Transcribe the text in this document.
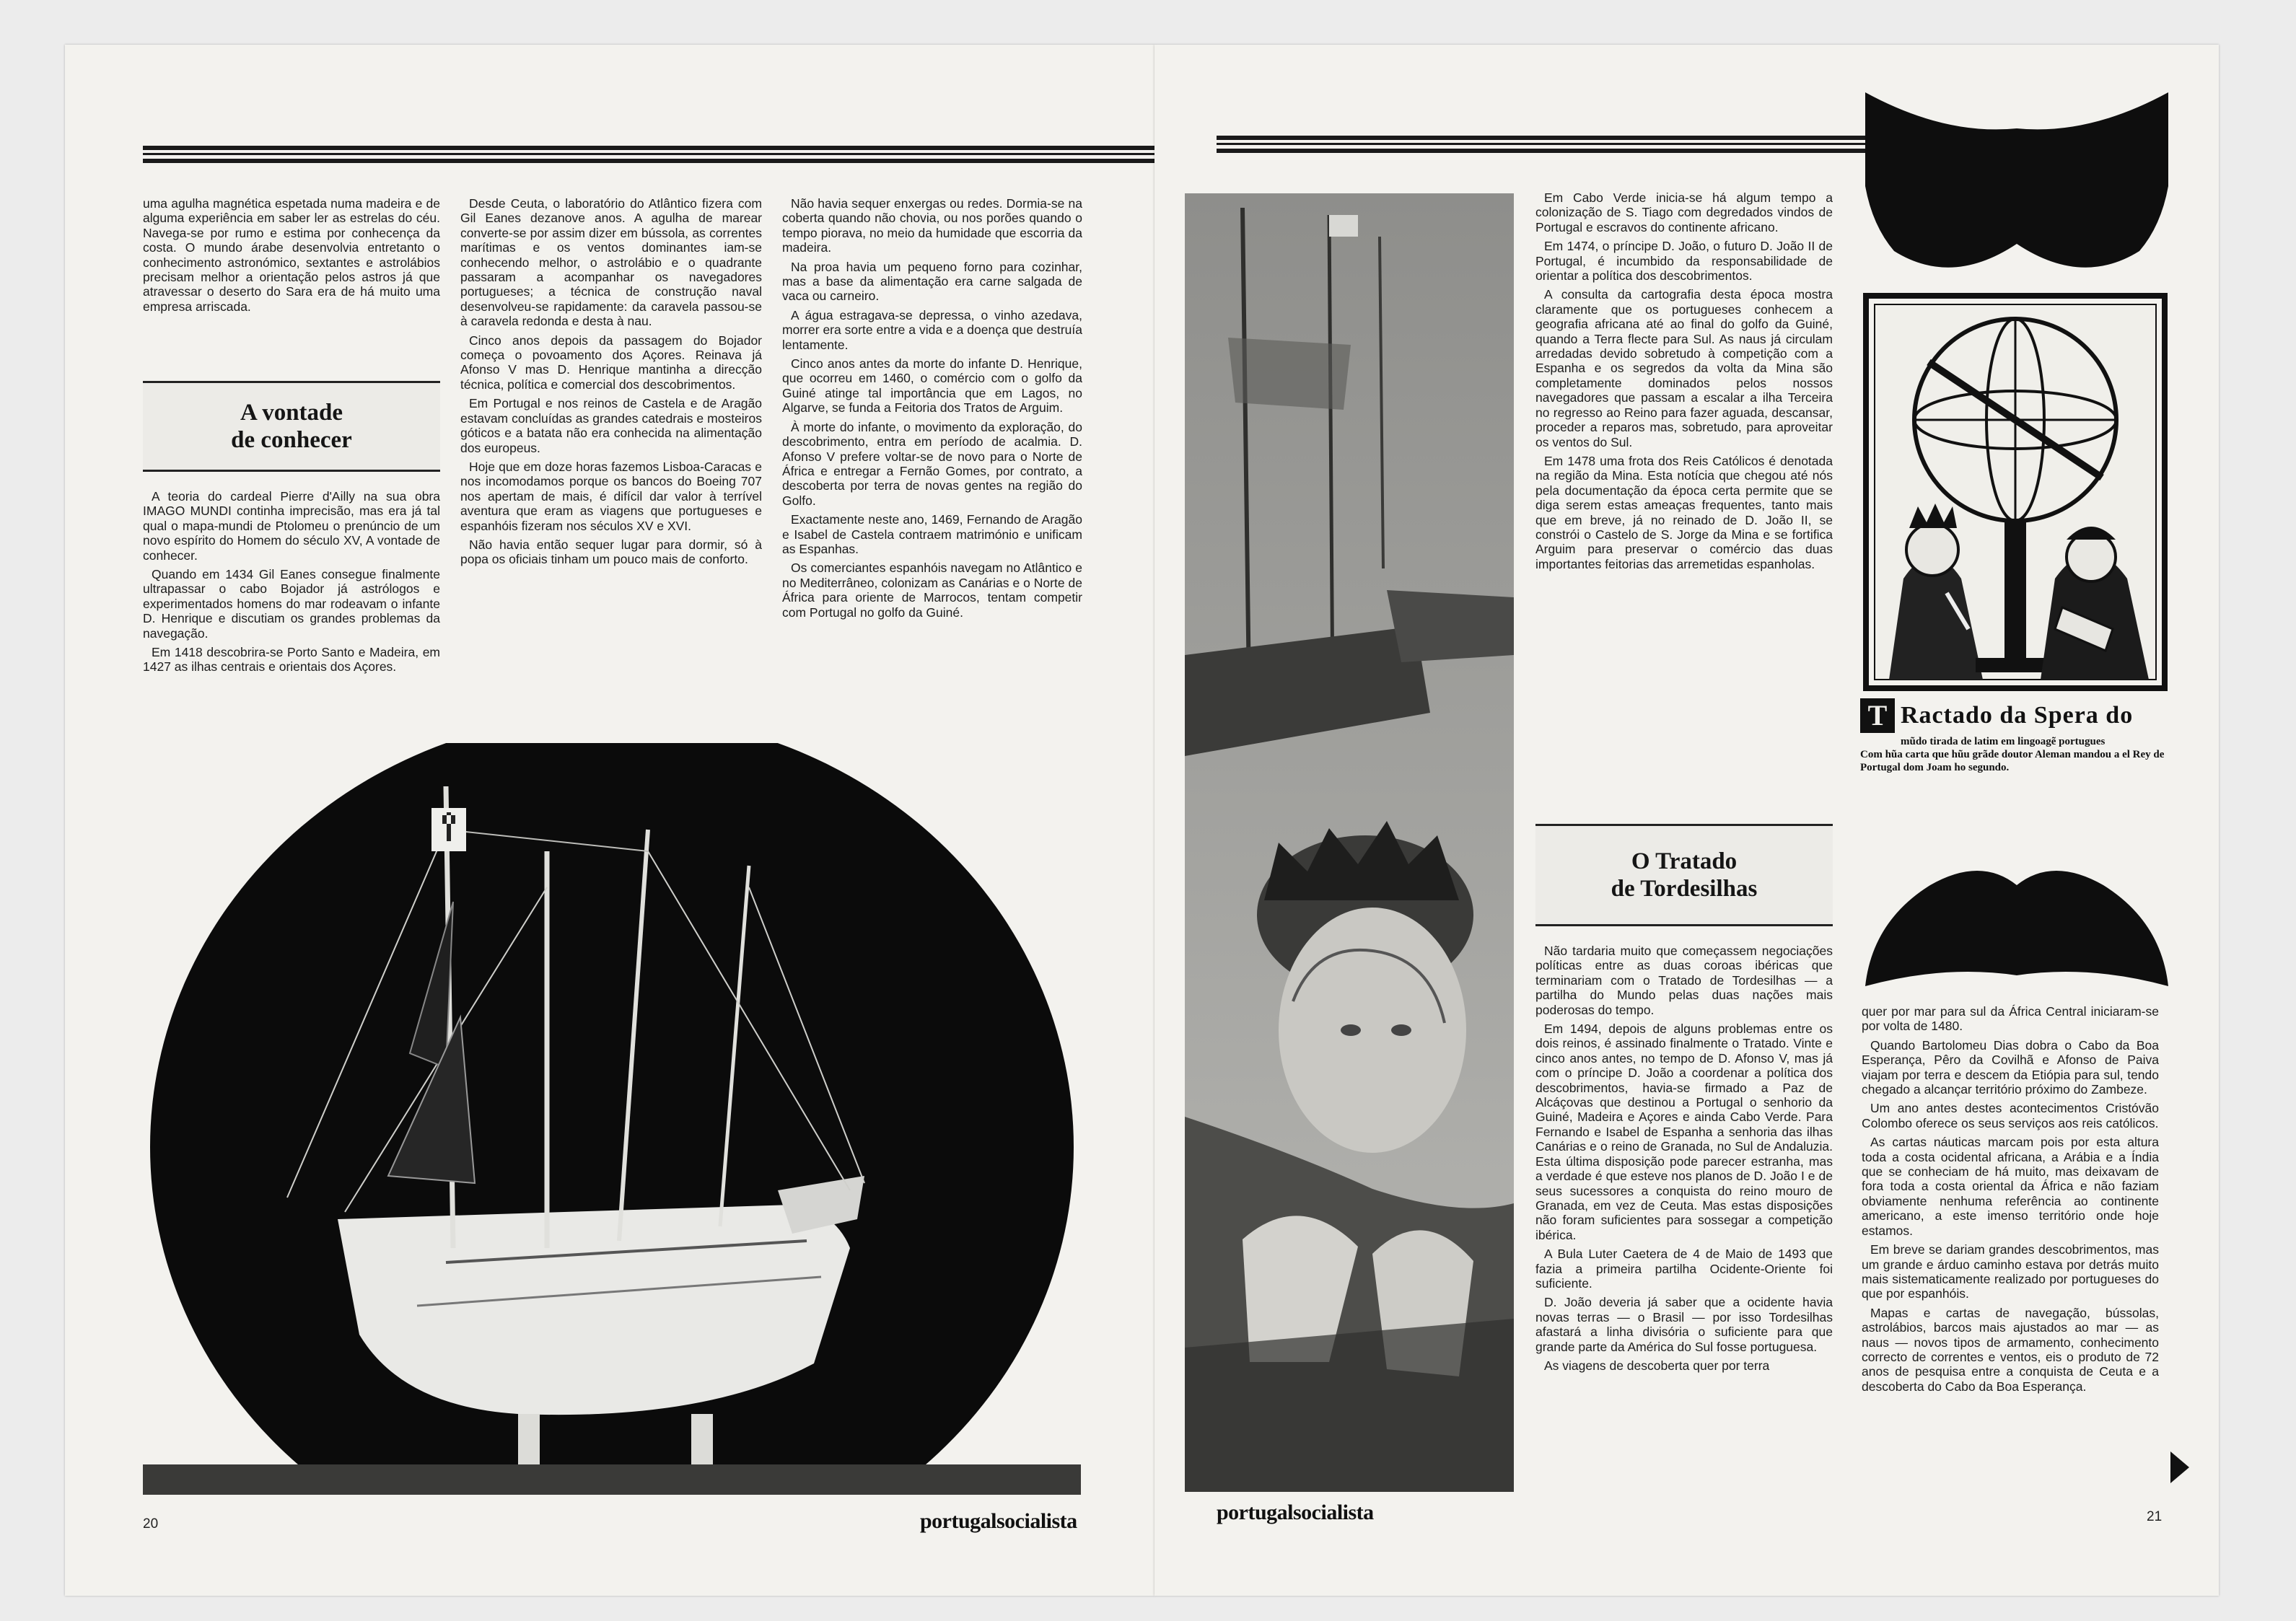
uma agulha magnética espetada numa madeira e de alguma experiência em saber ler as estrelas do céu. Navega-se por rumo e estima por conhecença da costa. O mundo árabe desenvolvia entretanto o conhecimento astronómico, sextantes e astrolábios precisam melhor a orientação pelos astros já que atravessar o deserto do Sara era de há muito uma empresa arriscada.

A vontade
de conhecer

A teoria do cardeal Pierre d'Ailly na sua obra IMAGO MUNDI continha imprecisão, mas era já tal qual o mapa-mundi de Ptolomeu o prenúncio de um novo espírito do Homem do século XV, A vontade de conhecer.

Quando em 1434 Gil Eanes consegue finalmente ultrapassar o cabo Bojador já astrólogos e experimentados homens do mar rodeavam o infante D. Henrique e discutiam os grandes problemas da navegação.

Em 1418 descobrira-se Porto Santo e Madeira, em 1427 as ilhas centrais e orientais dos Açores.

Desde Ceuta, o laboratório do Atlântico fizera com Gil Eanes dezanove anos. A agulha de marear converte-se por assim dizer em bússola, as correntes marítimas e os ventos dominantes iam-se conhecendo melhor, o astrolábio e o quadrante passaram a acompanhar os navegadores portugueses; a técnica de construção naval desenvolveu-se rapidamente: da caravela passou-se à caravela redonda e desta à nau.

Cinco anos depois da passagem do Bojador começa o povoamento dos Açores. Reinava já Afonso V mas D. Henrique mantinha a direcção técnica, política e comercial dos descobrimentos.

Em Portugal e nos reinos de Castela e de Aragão estavam concluídas as grandes catedrais e mosteiros góticos e a batata não era conhecida na alimentação dos europeus.

Hoje que em doze horas fazemos Lisboa-Caracas e nos incomodamos porque os bancos do Boeing 707 nos apertam de mais, é difícil dar valor à terrível aventura que eram as viagens que portugueses e espanhóis fizeram nos séculos XV e XVI.

Não havia então sequer lugar para dormir, só à popa os oficiais tinham um pouco mais de conforto.

Não havia sequer enxergas ou redes. Dormia-se na coberta quando não chovia, ou nos porões quando o tempo piorava, no meio da humidade que escorria da madeira.

Na proa havia um pequeno forno para cozinhar, mas a base da alimentação era carne salgada de vaca ou carneiro.

A água estragava-se depressa, o vinho azedava, morrer era sorte entre a vida e a doença que destruía lentamente.

Cinco anos antes da morte do infante D. Henrique, que ocorreu em 1460, o comércio com o golfo da Guiné atinge tal importância que em Lagos, no Algarve, se funda a Feitoria dos Tratos de Arguim.

À morte do infante, o movimento da exploração, do descobrimento, entra em período de acalmia. D. Afonso V prefere voltar-se de novo para o Norte de África e entregar a Fernão Gomes, por contrato, a descoberta por terra de novas gentes na região do Golfo.

Exactamente neste ano, 1469, Fernando de Aragão e Isabel de Castela contraem matrimónio e unificam as Espanhas.

Os comerciantes espanhóis navegam no Atlântico e no Mediterrâneo, colonizam as Canárias e o Norte de África para oriente de Marrocos, tentam competir com Portugal no golfo da Guiné.

20	portugalsocialista

Em Cabo Verde inicia-se há algum tempo a colonização de S. Tiago com degredados vindos de Portugal e escravos do continente africano.

Em 1474, o príncipe D. João, o futuro D. João II de Portugal, é incumbido da responsabilidade de orientar a política dos descobrimentos.

A consulta da cartografia desta época mostra claramente que os portugueses conhecem a geografia africana até ao final do golfo da Guiné, quando a Terra flecte para Sul. As naus já circulam arredadas devido sobretudo à competição com a Espanha e os segredos da volta da Mina são completamente dominados pelos nossos navegadores que passam a escalar a ilha Terceira no regresso ao Reino para fazer aguada, descansar, proceder a reparos mas, sobretudo, para aproveitar os ventos do Sul.

Em 1478 uma frota dos Reis Católicos é denotada na região da Mina. Esta notícia que chegou até nós pela documentação da época certa permite que se diga serem estas ameaças frequentes, tanto mais que em breve, já no reinado de D. João II, se constrói o Castelo de S. Jorge da Mina e se fortifica Arguim para preservar o comércio das duas importantes feitorias das arremetidas espanholas.

O Tratado
de Tordesilhas

Não tardaria muito que começassem negociações políticas entre as duas coroas ibéricas que terminariam com o Tratado de Tordesilhas — a partilha do Mundo pelas duas nações mais poderosas do tempo.

Em 1494, depois de alguns problemas entre os dois reinos, é assinado finalmente o Tratado. Vinte e cinco anos antes, no tempo de D. Afonso V, mas já com o príncipe D. João a coordenar a política dos descobrimentos, havia-se firmado a Paz de Alcáçovas que destinou a Portugal o senhorio da Guiné, Madeira e Açores e ainda Cabo Verde. Para Fernando e Isabel de Espanha a senhoria das ilhas Canárias e o reino de Granada, no Sul de Andaluzia. Esta última disposição pode parecer estranha, mas a verdade é que esteve nos planos de D. João I e de seus sucessores a conquista do reino mouro de Granada, em vez de Ceuta. Mas estas disposições não foram suficientes para sossegar a competição ibérica.

A Bula Luter Caetera de 4 de Maio de 1493 que fazia a primeira partilha Ocidente-Oriente foi suficiente.

D. João deveria já saber que a ocidente havia novas terras — o Brasil — por isso Tordesilhas afastará a linha divisória o suficiente para que grande parte da América do Sul fosse portuguesa.

As viagens de descoberta quer por terra

T Ractado da Spera do
mũdo tirada de latim em lingoagẽ portugues
Com hũa carta que hũu grãde doutor Aleman mandou a el Rey de Portugal dom Joam ho segundo.

quer por mar para sul da África Central iniciaram-se por volta de 1480.

Quando Bartolomeu Dias dobra o Cabo da Boa Esperança, Pêro da Covilhã e Afonso de Paiva viajam por terra e descem da Etiópia para sul, tendo chegado a alcançar território próximo do Zambeze.

Um ano antes destes acontecimentos Cristóvão Colombo oferece os seus serviços aos reis católicos.

As cartas náuticas marcam pois por esta altura toda a costa ocidental africana, a Arábia e a Índia que se conheciam de há muito, mas deixavam de fora toda a costa oriental da África e não faziam obviamente nenhuma referência ao continente americano, a este imenso território onde hoje estamos.

Em breve se dariam grandes descobrimentos, mas um grande e árduo caminho estava por detrás muito mais sistematicamente realizado por portugueses do que por espanhóis.

Mapas e cartas de navegação, bússolas, astrolábios, barcos mais ajustados ao mar — as naus — novos tipos de armamento, conhecimento correcto de correntes e ventos, eis o produto de 72 anos de pesquisa entre a conquista de Ceuta e a descoberta do Cabo da Boa Esperança.

portugalsocialista	21
